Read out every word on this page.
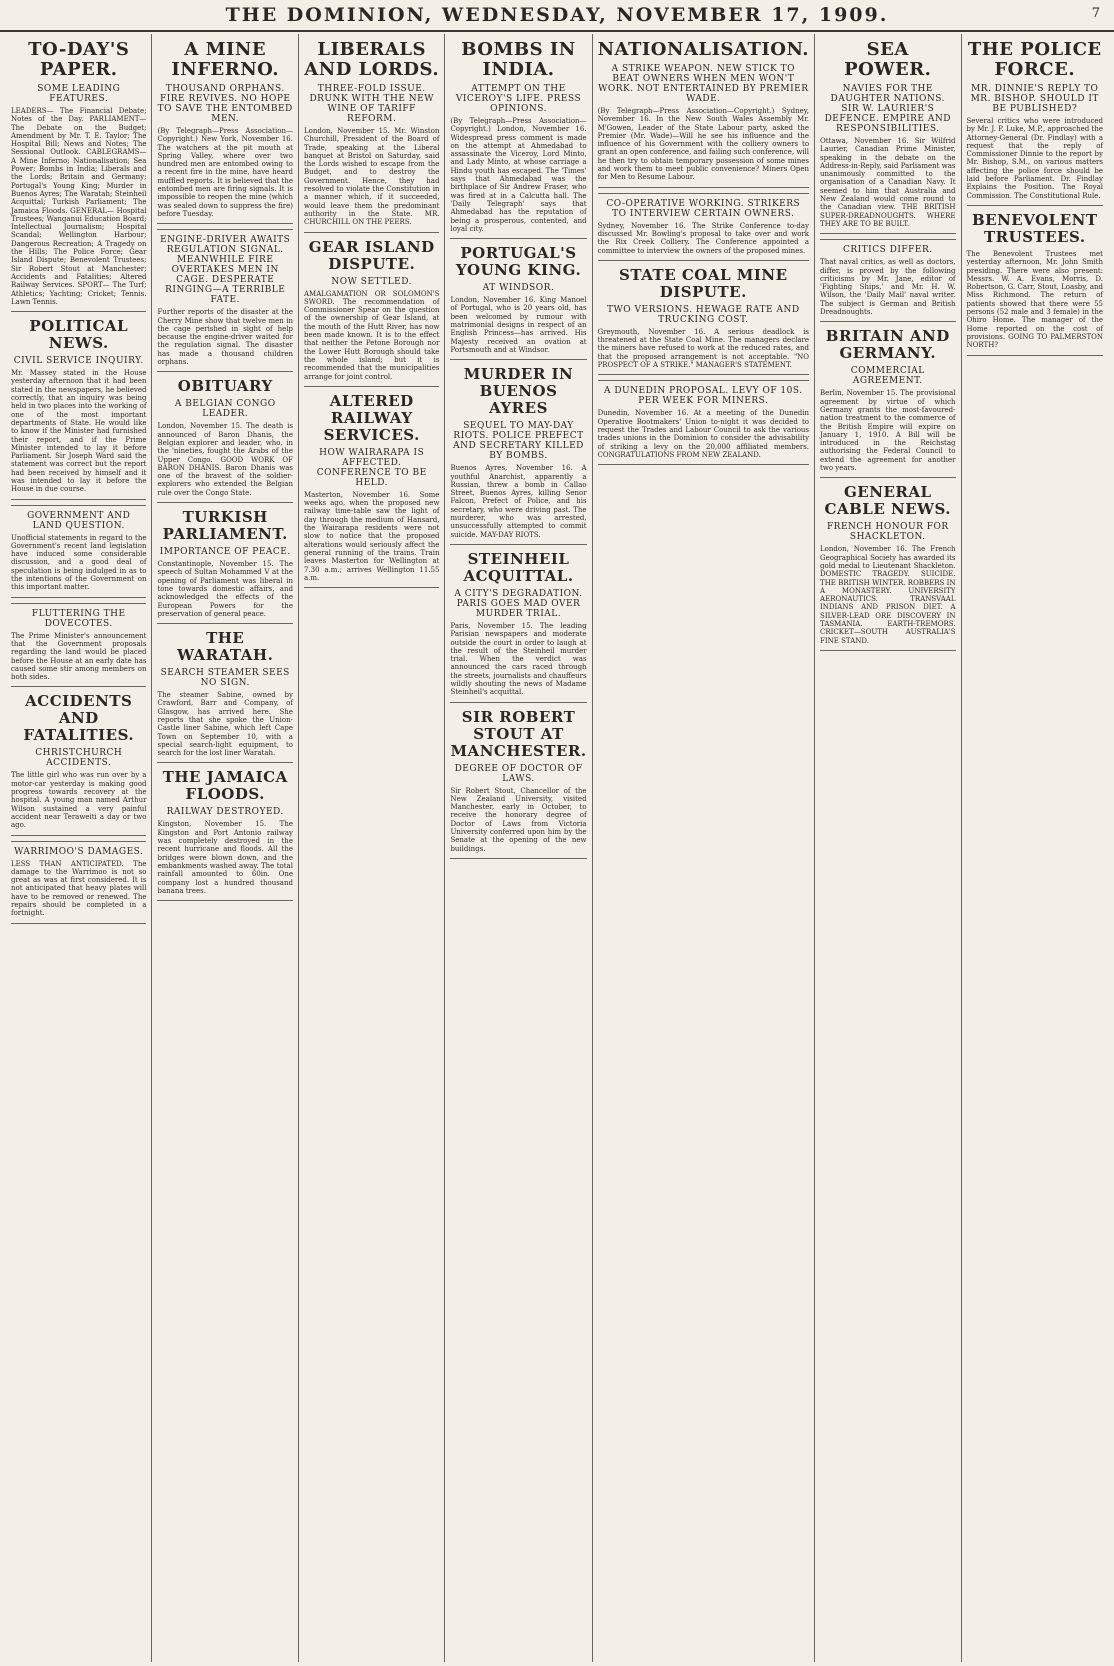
THE DOMINION, WEDNESDAY, NOVEMBER 17, 1909.	7
TO-DAY'S PAPER.
SOME LEADING FEATURES.
LEADERS— The Financial Debate; Notes of the Day. PARLIAMENT— The Debate on the Budget; Amendment by Mr. T. E. Taylor; The Hospital Bill; News and Notes; The Sessional Outlook. CABLEGRAMS— A Mine Inferno; Nationalisation; Sea Power; Bombs in India; Liberals and the Lords; Britain and Germany; Portugal's Young King; Murder in Buenos Ayres; The Waratah; Steinheil Acquittal; Turkish Parliament; The Jamaica Floods. GENERAL— Hospital Trustees; Wanganui Education Board; Intellectual Journalism; Hospital Scandal; Wellington Harbour; Dangerous Recreation; A Tragedy on the Hills; The Police Force; Gear Island Dispute; Benevolent Trustees; Sir Robert Stout at Manchester; Accidents and Fatalities; Altered Railway Services. SPORT— The Turf; Athletics; Yachting; Cricket; Tennis. Lawn Tennis.
POLITICAL NEWS.
CIVIL SERVICE INQUIRY.
Mr. Massey stated in the House yesterday afternoon that it had been stated in the newspapers, he believed correctly, that an inquiry was being held in two places into the working of one of the most important departments of State. He would like to know if the Minister had furnished their report, and if the Prime Minister intended to lay it before Parliament. Sir Joseph Ward said the statement was correct but the report had been received by himself and it was intended to lay it before the House in due course.
GOVERNMENT AND LAND QUESTION.
Unofficial statements in regard to the Government's recent land legislation have induced some considerable discussion, and a good deal of speculation is being indulged in as to the intentions of the Government on this important matter.
FLUTTERING THE DOVECOTES.
The Prime Minister's announcement that the Government proposals regarding the land would be placed before the House at an early date has caused some stir among members on both sides.
ACCIDENTS AND FATALITIES.
CHRISTCHURCH ACCIDENTS.
The little girl who was run over by a motor-car yesterday is making good progress towards recovery at the hospital. A young man named Arthur Wilson sustained a very painful accident near Teraweiti a day or two ago.
WARRIMOO'S DAMAGES.
LESS THAN ANTICIPATED. The damage to the Warrimoo is not so great as was at first considered. It is not anticipated that heavy plates will have to be removed or renewed. The repairs should be completed in a fortnight.
A MINE INFERNO.
THOUSAND ORPHANS. FIRE REVIVES. NO HOPE TO SAVE THE ENTOMBED MEN.
(By Telegraph—Press Association—Copyright.) New York, November 16. The watchers at the pit mouth at Spring Valley, where over two hundred men are entombed owing to a recent fire in the mine, have heard muffled reports. It is believed that the entombed men are firing signals. It is impossible to reopen the mine (which was sealed down to suppress the fire) before Tuesday.
ENGINE-DRIVER AWAITS REGULATION SIGNAL. MEANWHILE FIRE OVERTAKES MEN IN CAGE. DESPERATE RINGING—A TERRIBLE FATE.
Further reports of the disaster at the Cherry Mine show that twelve men in the cage perished in sight of help because the engine-driver waited for the regulation signal. The disaster has made a thousand children orphans.
OBITUARY
A BELGIAN CONGO LEADER.
London, November 15. The death is announced of Baron Dhanis, the Belgian explorer and leader, who, in the 'nineties, fought the Arabs of the Upper Congo. GOOD WORK OF BARON DHANIS. Baron Dhanis was one of the bravest of the soldier-explorers who extended the Belgian rule over the Congo State.
TURKISH PARLIAMENT.
IMPORTANCE OF PEACE.
Constantinople, November 15. The speech of Sultan Mohammed V at the opening of Parliament was liberal in tone towards domestic affairs, and acknowledged the effects of the European Powers for the preservation of general peace.
THE WARATAH.
SEARCH STEAMER SEES NO SIGN.
The steamer Sabine, owned by Crawford, Barr and Company, of Glasgow, has arrived here. She reports that she spoke the Union-Castle liner Sabine, which left Cape Town on September 10, with a special search-light equipment, to search for the lost liner Waratah.
THE JAMAICA FLOODS.
RAILWAY DESTROYED.
Kingston, November 15. The Kingston and Port Antonio railway was completely destroyed in the recent hurricane and floods. All the bridges were blown down, and the embankments washed away. The total rainfall amounted to 60in. One company lost a hundred thousand banana trees.
LIBERALS AND LORDS.
THREE-FOLD ISSUE. DRUNK WITH THE NEW WINE OF TARIFF REFORM.
London, November 15. Mr. Winston Churchill, President of the Board of Trade, speaking at the Liberal banquet at Bristol on Saturday, said the Lords wished to escape from the Budget, and to destroy the Government. Hence, they had resolved to violate the Constitution in a manner which, if it succeeded, would leave them the predominant authority in the State. MR. CHURCHILL ON THE PEERS.
GEAR ISLAND DISPUTE.
NOW SETTLED.
AMALGAMATION OR SOLOMON'S SWORD. The recommendation of Commissioner Spear on the question of the ownership of Gear Island, at the mouth of the Hutt River, has now been made known. It is to the effect that neither the Petone Borough nor the Lower Hutt Borough should take the whole island; but it is recommended that the municipalities arrange for joint control.
ALTERED RAILWAY SERVICES.
HOW WAIRARAPA IS AFFECTED. CONFERENCE TO BE HELD.
Masterton, November 16. Some weeks ago, when the proposed new railway time-table saw the light of day through the medium of Hansard, the Wairarapa residents were not slow to notice that the proposed alterations would seriously affect the general running of the trains. Train leaves Masterton for Wellington at 7.30 a.m.; arrives Wellington 11.55 a.m.
BOMBS IN INDIA.
ATTEMPT ON THE VICEROY'S LIFE. PRESS OPINIONS.
(By Telegraph—Press Association—Copyright.) London, November 16. Widespread press comment is made on the attempt at Ahmedabad to assassinate the Viceroy, Lord Minto, and Lady Minto, at whose carriage a Hindu youth has escaped. The 'Times' says that Ahmedabad was the birthplace of Sir Andrew Fraser, who was fired at in a Calcutta hall. The 'Daily Telegraph' says that Ahmedabad has the reputation of being a prosperous, contented, and loyal city.
PORTUGAL'S YOUNG KING.
AT WINDSOR.
London, November 16. King Manoel of Portugal, who is 20 years old, has been welcomed by rumour with matrimonial designs in respect of an English Princess—has arrived. His Majesty received an ovation at Portsmouth and at Windsor.
MURDER IN BUENOS AYRES
SEQUEL TO MAY-DAY RIOTS. POLICE PREFECT AND SECRETARY KILLED BY BOMBS.
Buenos Ayres, November 16. A youthful Anarchist, apparently a Russian, threw a bomb in Callao Street, Buenos Ayres, killing Senor Falcon, Prefect of Police, and his secretary, who were driving past. The murderer, who was arrested, unsuccessfully attempted to commit suicide. MAY-DAY RIOTS.
STEINHEIL ACQUITTAL.
A CITY'S DEGRADATION. PARIS GOES MAD OVER MURDER TRIAL.
Paris, November 15. The leading Parisian newspapers and moderate outside the court in order to laugh at the result of the Steinheil murder trial. When the verdict was announced the cars raced through the streets, journalists and chauffeurs wildly shouting the news of Madame Steinheil's acquittal.
SIR ROBERT STOUT AT MANCHESTER.
DEGREE OF DOCTOR OF LAWS.
Sir Robert Stout, Chancellor of the New Zealand University, visited Manchester, early in October, to receive the honorary degree of Doctor of Laws from Victoria University conferred upon him by the Senate at the opening of the new buildings.
NATIONALISATION.
A STRIKE WEAPON. NEW STICK TO BEAT OWNERS WHEN MEN WON'T WORK. NOT ENTERTAINED BY PREMIER WADE.
(By Telegraph—Press Association—Copyright.) Sydney, November 16. In the New South Wales Assembly Mr. M'Gowen, Leader of the State Labour party, asked the Premier (Mr. Wade)—Will he see his influence and the influence of his Government with the colliery owners to grant an open conference, and failing such conference, will he then try to obtain temporary possession of some mines and work them to meet public convenience? Miners Open for Men to Resume Labour.
CO-OPERATIVE WORKING. STRIKERS TO INTERVIEW CERTAIN OWNERS.
Sydney, November 16. The Strike Conference to-day discussed Mr. Bowling's proposal to take over and work the Rix Creek Colliery. The Conference appointed a committee to interview the owners of the proposed mines.
STATE COAL MINE DISPUTE.
TWO VERSIONS. HEWAGE RATE AND TRUCKING COST.
Greymouth, November 16. A serious deadlock is threatened at the State Coal Mine. The managers declare the miners have refused to work at the reduced rates, and that the proposed arrangement is not acceptable. "NO PROSPECT OF A STRIKE." MANAGER'S STATEMENT.
A DUNEDIN PROPOSAL. LEVY OF 10S. PER WEEK FOR MINERS.
Dunedin, November 16. At a meeting of the Dunedin Operative Bootmakers' Union to-night it was decided to request the Trades and Labour Council to ask the various trades unions in the Dominion to consider the advisability of striking a levy on the 20,000 affiliated members. CONGRATULATIONS FROM NEW ZEALAND.
SEA POWER.
NAVIES FOR THE DAUGHTER NATIONS. SIR W. LAURIER'S DEFENCE. EMPIRE AND RESPONSIBILITIES.
Ottawa, November 16. Sir Wilfrid Laurier, Canadian Prime Minister, speaking in the debate on the Address-in-Reply, said Parliament was unanimously committed to the organisation of a Canadian Navy. It seemed to him that Australia and New Zealand would come round to the Canadian view. THE BRITISH SUPER-DREADNOUGHTS. WHERE THEY ARE TO BE BUILT.
CRITICS DIFFER.
That naval critics, as well as doctors, differ, is proved by the following criticisms by Mr. Jane, editor of 'Fighting Ships,' and Mr. H. W. Wilson, the 'Daily Mail' naval writer. The subject is German and British Dreadnoughts.
BRITAIN AND GERMANY.
COMMERCIAL AGREEMENT.
Berlin, November 15. The provisional agreement by virtue of which Germany grants the most-favoured-nation treatment to the commerce of the British Empire will expire on January 1, 1910. A Bill will be introduced in the Reichstag authorising the Federal Council to extend the agreement for another two years.
GENERAL CABLE NEWS.
FRENCH HONOUR FOR SHACKLETON.
London, November 16. The French Geographical Society has awarded its gold medal to Lieutenant Shackleton. DOMESTIC TRAGEDY. SUICIDE. THE BRITISH WINTER. ROBBERS IN A MONASTERY. UNIVERSITY AERONAUTICS. TRANSVAAL INDIANS AND PRISON DIET. A SILVER-LEAD ORE DISCOVERY IN TASMANIA. EARTH-TREMORS. CRICKET—SOUTH AUSTRALIA'S FINE STAND.
THE POLICE FORCE.
MR. DINNIE'S REPLY TO MR. BISHOP. SHOULD IT BE PUBLISHED?
Several critics who were introduced by Mr. J. P. Luke, M.P., approached the Attorney-General (Dr. Findlay) with a request that the reply of Commissioner Dinnie to the report by Mr. Bishop, S.M., on various matters affecting the police force should be laid before Parliament. Dr. Findlay Explains the Position. The Royal Commission. The Constitutional Rule.
BENEVOLENT TRUSTEES.
The Benevolent Trustees met yesterday afternoon, Mr. John Smith presiding. There were also present: Messrs. W. A. Evans, Morris, D. Robertson, G. Carr, Stout, Loasby, and Miss Richmond. The return of patients showed that there were 55 persons (52 male and 3 female) in the Ohiro Home. The manager of the Home reported on the cost of provisions. GOING TO PALMERSTON NORTH?
